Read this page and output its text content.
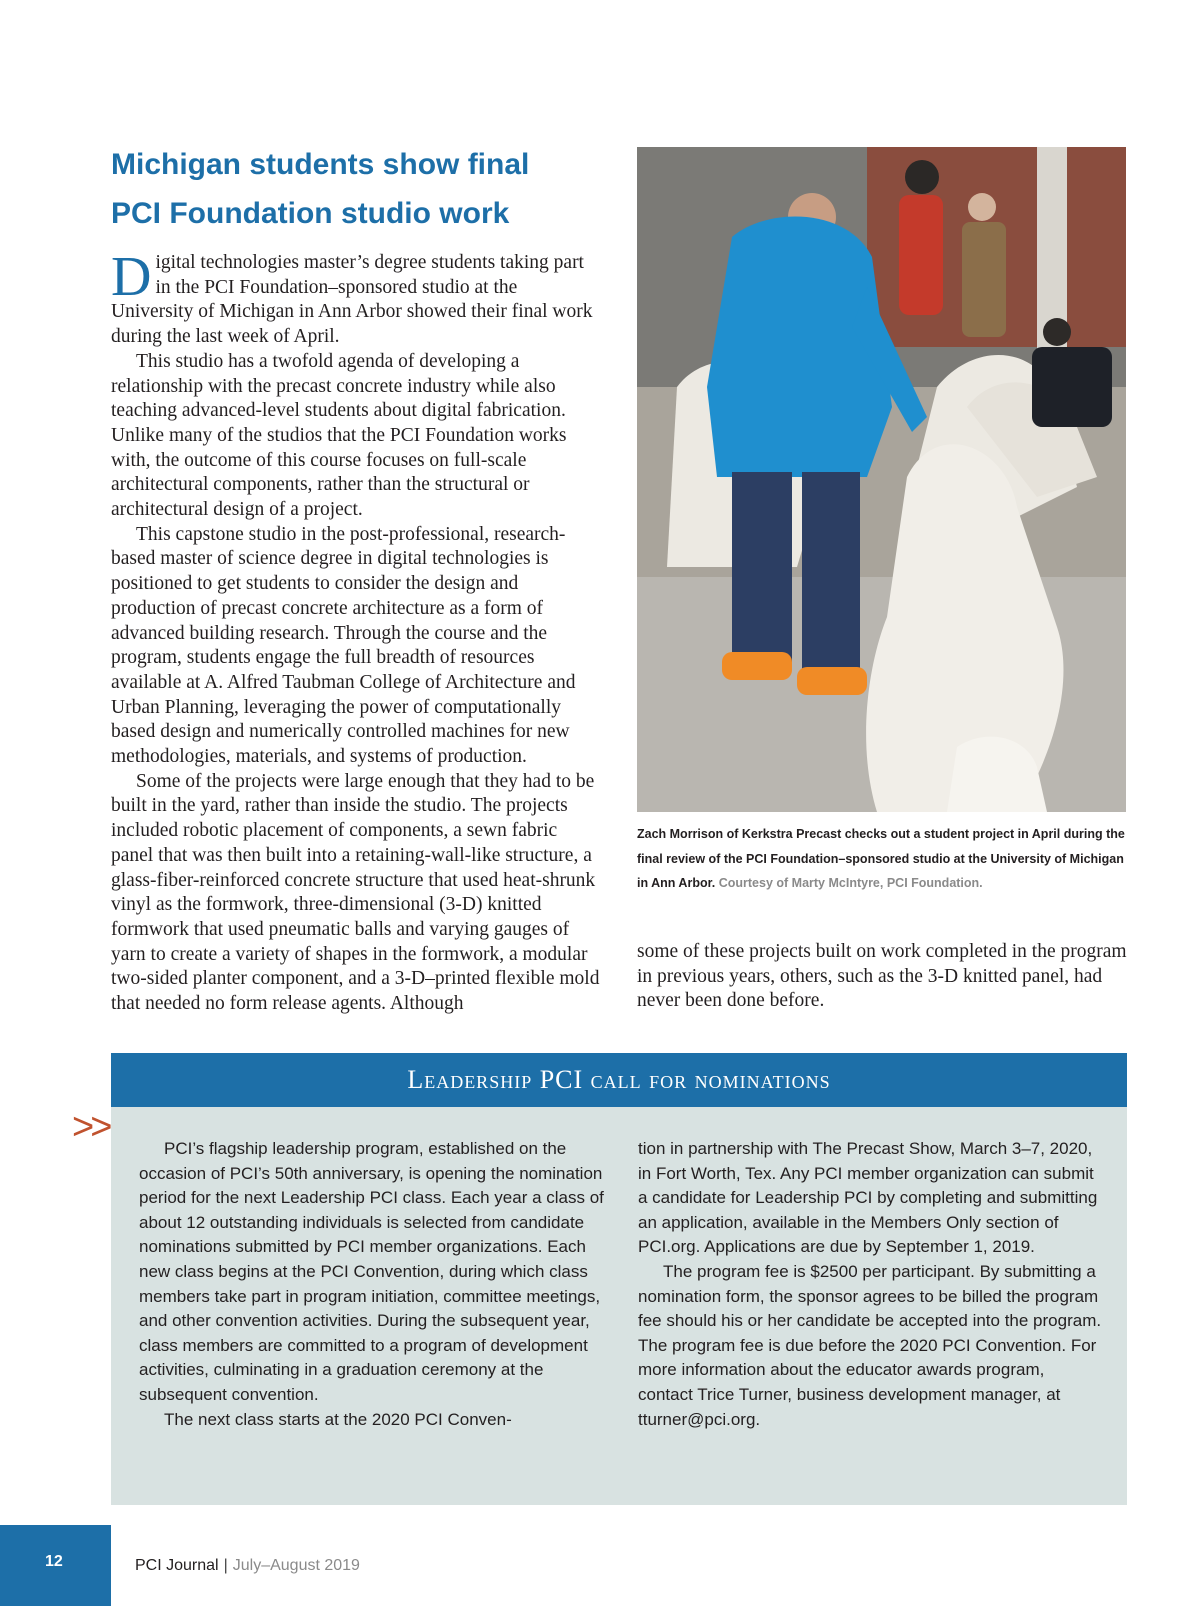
Michigan students show final
PCI Foundation studio work

Digital technologies master’s degree students taking part in the PCI Foundation–sponsored studio at the University of Michigan in Ann Arbor showed their final work during the last week of April.

This studio has a twofold agenda of developing a relationship with the precast concrete industry while also teaching advanced-level students about digital fabrication. Unlike many of the studios that the PCI Foundation works with, the outcome of this course focuses on full-scale architectural components, rather than the structural or architectural design of a project.

This capstone studio in the post-professional, research-based master of science degree in digital technologies is positioned to get students to consider the design and production of precast concrete architecture as a form of advanced building research. Through the course and the program, students engage the full breadth of resources available at A. Alfred Taubman College of Architecture and Urban Planning, leveraging the power of computationally based design and numerically controlled machines for new methodologies, materials, and systems of production.

Some of the projects were large enough that they had to be built in the yard, rather than inside the studio. The projects included robotic placement of components, a sewn fabric panel that was then built into a retaining-wall-like structure, a glass-fiber-reinforced concrete structure that used heat-shrunk vinyl as the formwork, three-dimensional (3-D) knitted formwork that used pneumatic balls and varying gauges of yarn to create a variety of shapes in the formwork, a modular two-sided planter component, and a 3-D–printed flexible mold that needed no form release agents. Although

Zach Morrison of Kerkstra Precast checks out a student project in April during the final review of the PCI Foundation–sponsored studio at the University of Michigan in Ann Arbor. Courtesy of Marty McIntyre, PCI Foundation.

some of these projects built on work completed in the program in previous years, others, such as the 3-D knitted panel, had never been done before.

>>
Leadership PCI call for nominations

PCI’s flagship leadership program, established on the occasion of PCI’s 50th anniversary, is opening the nomination period for the next Leadership PCI class. Each year a class of about 12 outstanding individuals is selected from candidate nominations submitted by PCI member organizations. Each new class begins at the PCI Convention, during which class members take part in program initiation, committee meetings, and other convention activities. During the subsequent year, class members are committed to a program of development activities, culminating in a graduation ceremony at the subsequent convention.

The next class starts at the 2020 PCI Conven-

tion in partnership with The Precast Show, March 3–7, 2020, in Fort Worth, Tex. Any PCI member organization can submit a candidate for Leadership PCI by completing and submitting an application, available in the Members Only section of PCI.org. Applications are due by September 1, 2019.

The program fee is $2500 per participant. By submitting a nomination form, the sponsor agrees to be billed the program fee should his or her candidate be accepted into the program. The program fee is due before the 2020 PCI Convention. For more information about the educator awards program, contact Trice Turner, business development manager, at tturner@pci.org.

12	PCI Journal | July–August 2019
